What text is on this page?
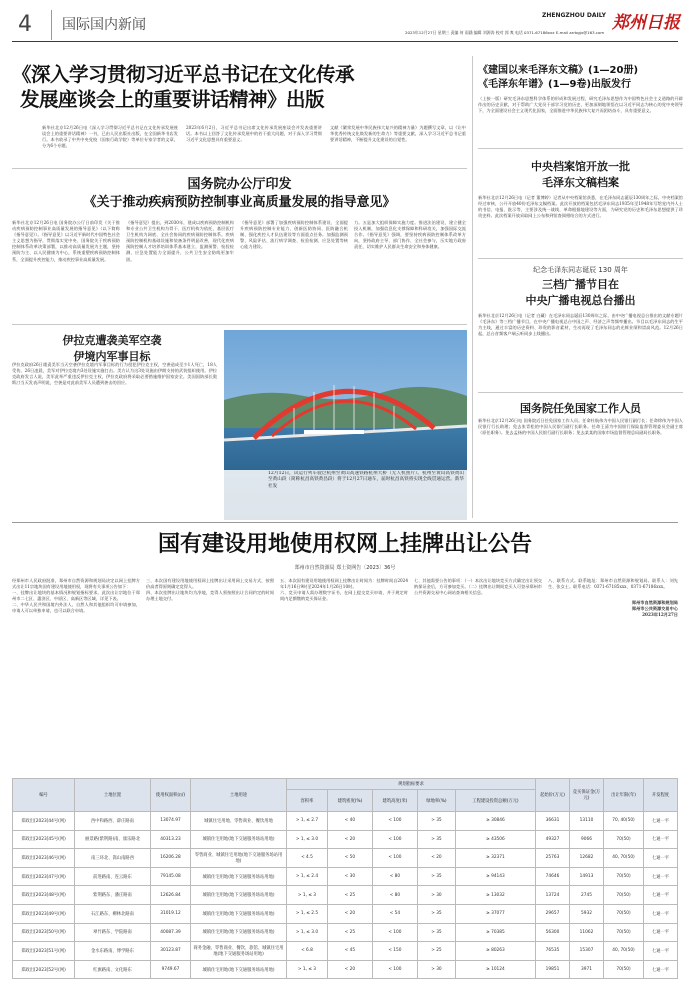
4 国际国内新闻
ZHENGZHOU DAILY 郑州日报
2023年12月27日 星期三 责编 何 雨涵 编辑 刘源涛 校对 郭 爽 电话 0371-67186xxx E-mail zzrbgjx@163.com
《深入学习贯彻习近平总书记在文化传承
发展座谈会上的重要讲话精神》出版
新华社北京12月26日电《深入学习贯彻习近平总书记在文化传承发展座谈会上的重要讲话精神》一书，已由人民出版社出版，在全国新华书店发行。本书收录了中共中央党校（国家行政学院）等单位专家学者的文章，分为6个专题。
2023年6月2日，习近平总书记出席文化传承发展座谈会并发表重要讲话。本书以上回答了文化传承发展中的若干重大问题，对于深入学习贯彻习近平文化思想具有重要意义。
文献《繁荣发展中华民族伟大复兴的精神力量》为题撰写文章，以《让中华优秀传统文化焕发新的生命力》等重要文献，深入学习习近平总书记重要讲话精神，不断提升文化建设的自觉性。
《建国以来毛泽东文稿》(1—20册)
《毛泽东年谱》(1—9卷)出版发行
（上接一版）研究毛泽东思想科学体系的形成和发展过程，研究毛泽东思想作为中国特色社会主义道路的开辟作出的历史贡献，对于帮助广大党员干部学习党的历史，更加深刻地领悟在以习近平同志为核心的党中央领导下，为全面建设社会主义现代化国家，全面推进中华民族伟大复兴而团结奋斗，具有重要意义。
中央档案馆开放一批
毛泽东文稿档案
新华社北京12月26日电（记者 董博婷）记者从中央档案馆获悉，在毛泽东同志诞辰130周年之际，中央档案馆经过审核，公开开放40份毛泽东文稿档案。此次开放的档案包括毛泽东同志1935年至1948年写给党内外人士的书信、电报、批示等，主要涉及统一战线、革命根据地建设等方面，为研究党的历史和毛泽东思想提供了珍贵史料。此次档案开放采取网上公布和到馆查阅相结合的方式进行。
纪念毛泽东同志诞辰 130 周年
三档广播节目在
中央广播电视总台播出
新华社北京12月26日电（记者 白藏）在毛泽东同志诞辰130周年之际，由中央广播电视总台推出的文献专题片《毛泽东》等三档广播节目，在中央广播电视总台中国之声、经济之声等频率播出。节目以毛泽东同志的生平为主线，通过丰富的历史资料、珍贵的影音素材，生动再现了毛泽东同志的光辉业绩和崇高风范。12月26日起，总台音频客户端云听同步上线播出。
国务院任免国家工作人员
新华社北京12月26日电 国务院近日任免国家工作人员。任命杜航伟为中国人民银行副行长；任命徐伟为中国人民银行行长助理；免去张青松的中国人民银行副行长职务。任命王清为中国银行保险监督管理委员会副主席（原任职务）。免去孟扬的中国人民银行副行长职务；免去某某的国家市场监督管理总局副局长职务。
国务院办公厅印发
《关于推动疾病预防控制事业高质量发展的指导意见》
新华社北京12月26日电 国务院办公厅日前印发《关于推动疾病预防控制事业高质量发展的指导意见》（以下简称《指导意见》）。《指导意见》以习近平新时代中国特色社会主义思想为指导，贯彻落实党中央、国务院关于疾病预防控制体系改革决策部署，以推动高质量发展为主题，坚持预防为主、以人民健康为中心，系统重塑疾病预防控制体系，全面提升疾控能力，推动疾控事业高质量发展。
《指导意见》提出，到2030年，建成以疾病预防控制机构和专业公共卫生机构为骨干、医疗机构为依托、基层医疗卫生机构为网底、全社会协同的疾病预防控制体系。疾病预防控制机构基础设施和装备条件明显改善，现代化疾病预防控制人才培养培训体系基本建立，监测预警、检验检测、应急处置能力全面提升，公共卫生安全防线更加牢固。
《指导意见》部署了加强疾病预防控制体系建设、全面提升疾病预防控制专业能力、创新医防协同、医防融合机制、强化疾控人才队伍建设等方面重点任务。加强监测预警、风险评估、流行病学调查、检验检测、应急处置等核心能力建设。
力。五是加大组织保障实施力度。推进法治建设，建立健全投入机制，加强信息化支撑保障和科研攻关，加强国际交流合作。《指导意见》强调，要坚持疾病预防控制体系改革方向，坚持政府主导、部门协作、全社会参与，压实地方政府责任，切实维护人民群众生命安全和身体健康。
伊拉克遭袭美军空袭
伊境内军事目标
伊拉克政府26日谴责美军当天空袭伊拉克境内军事目标的行为侵犯伊拉克主权，空袭造成至少1人死亡，18人受伤。26日凌晨，美军对伊拉克境内3处设施实施打击。美方认为这3处设施由伊朗支持的武装组织使用。伊拉克政府发言人说，美军此举严重违反伊拉克主权，伊拉克政府将采取必要措施维护国家安全。美国国防部长奥斯汀当天发表声明说，空袭是对此前美军人员遭到袭击的回应。
12月12日，试运行列车驶过杭州至黄山高速铁路杭州大桥（无人机照片）。杭州至黄山高铁黄山至黄山段（简称杭昌高铁黄昌段）将于12月27日通车，届时杭昌高铁将实现全线贯通运营。新华社发
国有建设用地使用权网上挂牌出让公告
郑州市自然资源局 郑土资网告〔2023〕36号

经郑州市人民政府批准，郑州市自然资源和规划局决定以网上挂牌方式出让11宗地块国有建设用地使用权，现将有关事项公告如下：

一、挂牌出让地块的基本情况和规划指标要求。此次出让宗地位于郑州市二七区、惠济区、中原区、高新区等区域，详见下表。

二、中华人民共和国境内外法人、自然人和其他组织均可申请参加，申请人可以单独申请，也可以联合申请。

三、本次国有建设用地使用权网上挂牌出让采用网上交易方式，按照价高者得原则确定竞得人。

四、本次挂牌出让地块均为净地，竞得人须按照出让合同约定的时间办理土地交付。

五、本次国有建设用地使用权网上挂牌出让时间为：挂牌时间自2024年1月16日9时至2024年1月26日10时。

六、竞买申请人需办理数字证书，在网上提交竞买申请，并于规定时间内足额缴纳竞买保证金。

七、其他需要公告的事项：（一）本次出让地块竞买方式确定出让须交纳保证金后，方可参加竞买。（二）挂牌出让期间竞买人可登录郑州市公共资源交易中心网站查询相关信息。

八、联系方式。联系地址：郑州市自然资源和规划局。联系人：刘先生、张女士。联系电话：0371-67185xxx、0371-67186xxx。

郑州市自然资源和规划局
郑州市公共资源交易中心
2023年12月27日
编号	土地位置	使用权面积(㎡)	土地用途	规划指标要求					起始价(万元)	竞买保证金(万元)	出让年限(年)	开发程度
				容积率	建筑密度(%)	建筑高度(米)	绿地率(%)	工程建设投资总额(万元)				
郑政出[2023]44号(网)	西中和路西、薛庄路南	13074.97	城镇住宅用地、零售商业、餐饮用地	> 1, ≤ 2.7	< 40	< 100	> 35	≥ 30846	36631	13110	70, 40(50)	七通一平
郑政出[2023]45号(网)	丽景路(紫荆路)南、康乐路北	40313.23	城镇住宅用地(地下交通服务场站用地)	> 1, ≤ 3.0	< 20	< 100	> 35	≥ 43506	49327	9066	70(50)	七通一平
郑政出[2023]46号(网)	南三环北、嵩山南路西	16206.28	零售商业、城镇住宅用地(地下交通服务场站用地)	< 4.5	< 50	< 100	< 20	≥ 32371	25763	12682	40, 70(50)	七通一平
郑政出[2023]47号(网)	前进路南、连云路东	79145.08	城镇住宅用地(地下交通服务场站用地)	> 1, ≤ 2.4	< 30	< 80	> 35	≥ 94143	74646	14913	70(50)	七通一平
郑政出[2023]48号(网)	紫荆路东、潘庄路南	12626.84	城镇住宅用地(地下交通服务场站用地)	> 1, ≤ 3	< 25	< 80	> 30	≥ 13032	13724	2745	70(50)	七通一平
郑政出[2023]49号(网)	石江路东、柳林北路南	31019.12	城镇住宅用地(地下交通服务场站用地)	> 1, ≤ 2.5	< 20	< 54	> 35	≥ 37077	29657	5932	70(50)	七通一平
郑政出[2023]50号(网)	翠竹路东、学院路南	40087.39	城镇住宅用地(地下交通服务场站用地)	> 1, ≤ 3.0	< 25	< 100	> 35	≥ 70385	56300	11062	70(50)	七通一平
郑政出[2023]51号(网)	金水东路南、博学路东	30123.87	商务金融、零售商业、餐饮、旅馆、城镇住宅用地(地下交通服务场站用地)	< 6.8	< 45	< 150	> 25	≥ 80263	76535	15307	40, 70(50)	七通一平
郑政出[2023]52号(网)	红旗路南、文化路东	9749.67	城镇住宅用地(地下交通服务场站用地)	> 1, ≤ 3	< 20	< 100	> 30	≥ 10124	19851	3971	70(50)	七通一平
